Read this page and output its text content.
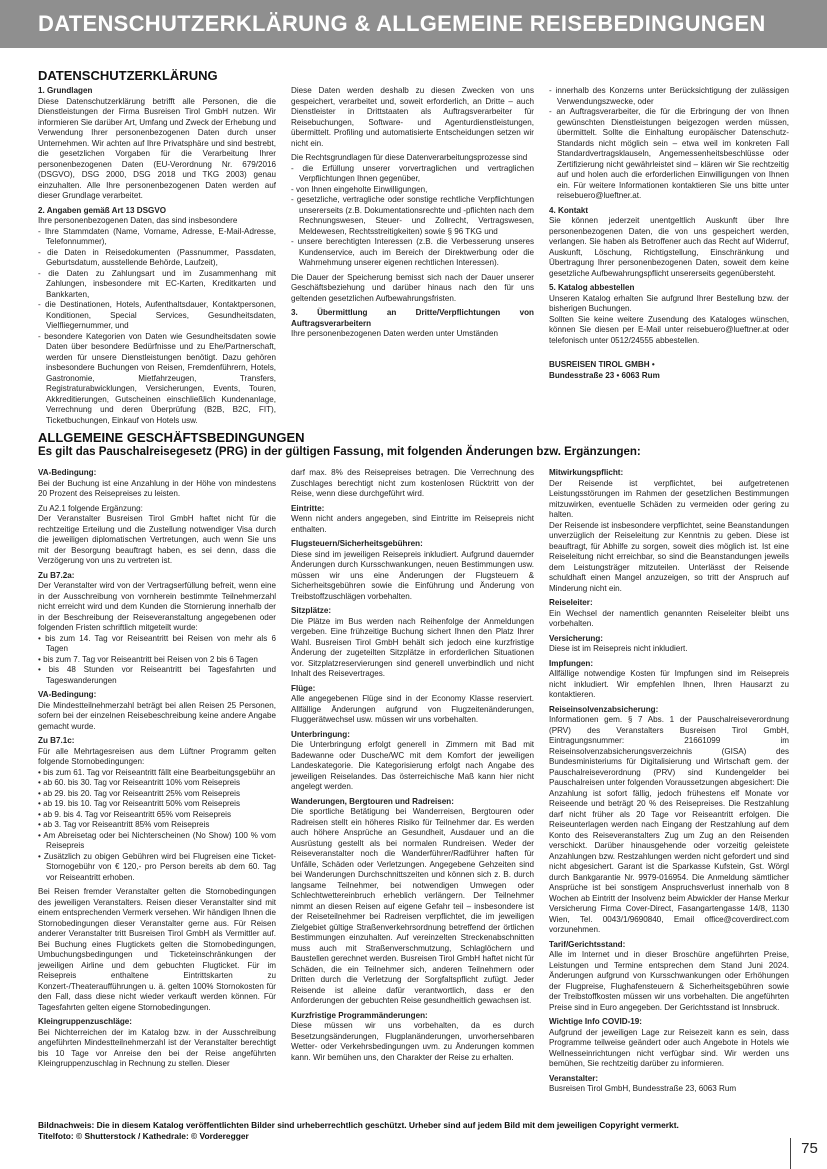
DATENSCHUTZERKLÄRUNG & ALLGEMEINE REISEBEDINGUNGEN
DATENSCHUTZERKLÄRUNG
1. Grundlagen

Diese Datenschutzerklärung betrifft alle Personen, die die Dienstleistungen der Firma Busreisen Tirol GmbH nutzen. Wir informieren Sie darüber Art, Umfang und Zweck der Erhebung und Verwendung Ihrer personenbezogenen Daten durch unser Unternehmen. Wir achten auf Ihre Privatsphäre und sind bestrebt, die gesetzlichen Vorgaben für die Verarbeitung Ihrer personenbezogenen Daten (EU-Verordnung Nr. 679/2016 (DSGVO), DSG 2000, DSG 2018 und TKG 2003) genau einzuhalten. Alle Ihre personenbezogenen Daten werden auf dieser Grundlage verarbeitet.

2. Angaben gemäß Art 13 DSGVO
Ihre personenbezogenen Daten, das sind insbesondere
- Ihre Stammdaten (Name, Vorname, Adresse, E-Mail-Adresse, Telefonnummer),
- die Daten in Reisedokumenten (Passnummer, Passdaten, Geburtsdatum, ausstellende Behörde, Laufzeit),
- die Daten zu Zahlungsart und im Zusammenhang mit Zahlungen, insbesondere mit EC-Karten, Kreditkarten und Bankkarten,
- die Destinationen, Hotels, Aufenthaltsdauer, Kontaktpersonen, Konditionen, Special Services, Gesundheitsdaten, Vielfliegernummer, und
- besondere Kategorien von Daten wie Gesundheitsdaten sowie Daten über besondere Bedürfnisse und zu Ehe/Partnerschaft, werden für unsere Dienstleistungen benötigt. Dazu gehören insbesondere Buchungen von Reisen, Fremdenführern, Hotels, Gastronomie, Mietfahrzeugen, Transfers, Registraturabwicklungen, Versicherungen, Events, Touren, Akkreditierungen, Gutscheinen einschließlich Kundenanlage, Verrechnung und deren Überprüfung (B2B, B2C, FIT), Ticketbuchungen, Einkauf von Hotels usw.

Diese Daten werden deshalb zu diesen Zwecken von uns gespeichert, verarbeitet und, soweit erforderlich, an Dritte – auch Dienstleister in Drittstaaten als Auftragsverarbeiter für Reisebuchungen, Software- und Agenturdienstleistungen, übermittelt. Profiling und automatisierte Entscheidungen setzen wir nicht ein.

Die Rechtsgrundlagen für diese Datenverarbeitungsprozesse sind
- die Erfüllung unserer vorvertraglichen und vertraglichen Verpflichtungen Ihnen gegenüber,
- von Ihnen eingeholte Einwilligungen,
- gesetzliche, vertragliche oder sonstige rechtliche Verpflichtungen unsererseits (z.B. Dokumentationsrechte und -pflichten nach dem Rechnungswesen, Steuer- und Zollrecht, Vertragswesen, Meldewesen, Rechtsstreitigkeiten) sowie § 96 TKG und
- unsere berechtigten Interessen (z.B. die Verbesserung unseres Kundenservice, auch im Bereich der Direktwerbung oder die Wahrnehmung unserer eigenen rechtlichen Interessen).

Die Dauer der Speicherung bemisst sich nach der Dauer unserer Geschäftsbeziehung und darüber hinaus nach den für uns geltenden gesetzlichen Aufbewahrungsfristen.

3. Übermittlung an Dritte/Verpflichtungen von Auftragsverarbeitern
Ihre personenbezogenen Daten werden unter Umständen
- innerhalb des Konzerns unter Berücksichtigung der zulässigen Verwendungszwecke, oder
- an Auftragsverarbeiter, die für die Erbringung der von Ihnen gewünschten Dienstleistungen beigezogen werden müssen, übermittelt. Sollte die Einhaltung europäischer Datenschutz-Standards nicht möglich sein – etwa weil im konkreten Fall Standardvertragsklauseln, Angemessenheitsbeschlüsse oder Zertifizierung nicht gewährleistet sind – klären wir Sie rechtzeitig auf und holen auch die erforderlichen Einwilligungen von Ihnen ein. Für weitere Informationen kontaktieren Sie uns bitte unter reisebuero@lueftner.at.
4. Kontakt

Sie können jederzeit unentgeltlich Auskunft über Ihre personenbezogenen Daten, die von uns gespeichert werden, verlangen. Sie haben als Betroffener auch das Recht auf Widerruf, Auskunft, Löschung, Richtigstellung, Einschränkung und Übertragung Ihrer personenbezogenen Daten, soweit dem keine gesetzliche Aufbewahrungspflicht unsererseits gegenübersteht.

5. Katalog abbestellen
Unseren Katalog erhalten Sie aufgrund Ihrer Bestellung bzw. der bisherigen Buchungen.

Sollten Sie keine weitere Zusendung des Kataloges wünschen, können Sie diesen per E-Mail unter reisebuero@lueftner.at oder telefonisch unter 0512/24555 abbestellen.

BUSREISEN TIROL GMBH •
Bundesstraße 23 • 6063 Rum
ALLGEMEINE GESCHÄFTSBEDINGUNGEN
Es gilt das Pauschalreisegesetz (PRG) in der gültigen Fassung, mit folgenden Änderungen bzw. Ergänzungen:
VA-Bedingung:

Bei der Buchung ist eine Anzahlung in der Höhe von mindestens 20 Prozent des Reisepreises zu leisten.

Zu A2.1 folgende Ergänzung:

Der Veranstalter Busreisen Tirol GmbH haftet nicht für die rechtzeitige Erteilung und die Zustellung notwendiger Visa durch die jeweiligen diplomatischen Vertretungen, auch wenn Sie uns mit der Besorgung beauftragt haben, es sei denn, dass die Verzögerung von uns zu vertreten ist.

Zu B7.2a:
Der Veranstalter wird von der Vertragserfüllung befreit, wenn eine in der Ausschreibung von vornherein bestimmte Teilnehmerzahl nicht erreicht wird und dem Kunden die Stornierung innerhalb der in der Beschreibung der Reiseveranstaltung angegebenen oder folgenden Fristen schriftlich mitgeteilt wurde:
• bis zum 14. Tag vor Reiseantritt bei Reisen von mehr als 6 Tagen
• bis zum 7. Tag vor Reiseantritt bei Reisen von 2 bis 6 Tagen
• bis 48 Stunden vor Reiseantritt bei Tagesfahrten und Tageswanderungen
VA-Bedingung:

Die Mindestteilnehmerzahl beträgt bei allen Reisen 25 Personen, sofern bei der einzelnen Reisebeschreibung keine andere Angabe gemacht wurde.

Zu B7.1c:
Für alle Mehrtagesreisen aus dem Lüftner Programm gelten folgende Stornobedingungen:
• bis zum 61. Tag vor Reiseantritt fällt eine Bearbeitungsgebühr an
• ab 60. bis 30. Tag vor Reiseantritt 10% vom Reisepreis
• ab 29. bis 20. Tag vor Reiseantritt 25% vom Reisepreis
• ab 19. bis 10. Tag vor Reiseantritt 50% vom Reisepreis
• ab 9. bis 4. Tag vor Reiseantritt 65% vom Reisepreis
• ab 3. Tag vor Reiseantritt 85% vom Reisepreis
• Am Abreisetag oder bei Nichterscheinen (No Show) 100 % vom Reisepreis
• Zusätzlich zu obigen Gebühren wird bei Flugreisen eine Ticket-Stornogebühr von € 120,- pro Person bereits ab dem 60. Tag vor Reiseantritt erhoben.

Bei Reisen fremder Veranstalter gelten die Stornobedingungen des jeweiligen Veranstalters. Reisen dieser Veranstalter sind mit einem entsprechenden Vermerk versehen. Wir händigen Ihnen die Stornobedingungen dieser Veranstalter gerne aus. Für Reisen anderer Veranstalter tritt Busreisen Tirol GmbH als Vermittler auf. Bei Buchung eines Flugtickets gelten die Stornobedingungen, Umbuchungsbedingungen und Ticketeinschränkungen der jeweiligen Airline und dem gebuchten Flugticket. Für im Reisepreis enthaltene Eintrittskarten zu Konzert-/Theateraufführungen u. ä. gelten 100% Stornokosten für den Fall, dass diese nicht wieder verkauft werden können. Für Tagesfahrten gelten eigene Stornobedingungen.

Kleingruppenzuschläge:
Bei Nichterreichen der im Katalog bzw. in der Ausschreibung angeführten Mindestteilnehmerzahl ist der Veranstalter berechtigt bis 10 Tage vor Anreise den bei der Reise angeführten Kleingruppenzuschlag in Rechnung zu stellen. Dieser

darf max. 8% des Reisepreises betragen. Die Verrechnung des Zuschlages berechtigt nicht zum kostenlosen Rücktritt von der Reise, wenn diese durchgeführt wird.

Eintritte:

Wenn nicht anders angegeben, sind Eintritte im Reisepreis nicht enthalten.

Flugsteuern/Sicherheitsgebühren:

Diese sind im jeweiligen Reisepreis inkludiert. Aufgrund dauernder Änderungen durch Kursschwankungen, neuen Bestimmungen usw. müssen wir uns eine Änderungen der Flugsteuern & Sicherheitsgebühren sowie die Einführung und Änderung von Treibstoffzuschlägen vorbehalten.

Sitzplätze:

Die Plätze im Bus werden nach Reihenfolge der Anmeldungen vergeben. Eine frühzeitige Buchung sichert Ihnen den Platz Ihrer Wahl. Busreisen Tirol GmbH behält sich jedoch eine kurzfristige Änderung der zugeteilten Sitzplätze in erforderlichen Situationen vor. Sitzplatzreservierungen sind generell unverbindlich und nicht Inhalt des Reisevertrages.

Flüge:

Alle angegebenen Flüge sind in der Economy Klasse reserviert. Allfällige Änderungen aufgrund von Flugzeitenänderungen, Fluggerätwechsel usw. müssen wir uns vorbehalten.

Unterbringung:

Die Unterbringung erfolgt generell in Zimmern mit Bad mit Badewanne oder Dusche/WC mit dem Komfort der jeweiligen Landeskategorie. Die Kategorisierung erfolgt nach Angabe des jeweiligen Reiselandes. Das österreichische Maß kann hier nicht angelegt werden.

Wanderungen, Bergtouren und Radreisen:

Die sportliche Betätigung bei Wanderreisen, Bergtouren oder Radreisen stellt ein höheres Risiko für Teilnehmer dar. Es werden auch höhere Ansprüche an Gesundheit, Ausdauer und an die Ausrüstung gestellt als bei normalen Rundreisen. Weder der Reiseveranstalter noch die Wanderführer/Radführer haften für Unfälle, Schäden oder Verletzungen. Angegebene Gehzeiten sind bei Wanderungen Durchschnittszeiten und können sich z. B. durch langsame Teilnehmer, bei notwendigen Umwegen oder Schlechtwettereinbruch erheblich verlängern. Der Teilnehmer nimmt an diesen Reisen auf eigene Gefahr teil – insbesondere ist der Reiseteilnehmer bei Radreisen verpflichtet, die im jeweiligen Zielgebiet gültige Straßenverkehrsordnung betreffend der örtlichen Bestimmungen einzuhalten. Auf vereinzelten Streckenabschnitten muss auch mit Straßenverschmutzung, Schlaglöchern und Baustellen gerechnet werden. Busreisen Tirol GmbH haftet nicht für Schäden, die ein Teilnehmer sich, anderen Teilnehmern oder Dritten durch die Verletzung der Sorgfaltspflicht zufügt. Jeder Reisende ist alleine dafür verantwortlich, dass er den Anforderungen der gebuchten Reise gesundheitlich gewachsen ist.

Kurzfristige Programmänderungen:

Diese müssen wir uns vorbehalten, da es durch Besetzungsänderungen, Flugplanänderungen, unvorhersehbaren Wetter- oder Verkehrsbedingungen uvm. zu Änderungen kommen kann. Wir bemühen uns, den Charakter der Reise zu erhalten.

Mitwirkungspflicht:
Der Reisende ist verpflichtet, bei aufgetretenen Leistungsstörungen im Rahmen der gesetzlichen Bestimmungen mitzuwirken, eventuelle Schäden zu vermeiden oder gering zu halten.

Der Reisende ist insbesondere verpflichtet, seine Beanstandungen unverzüglich der Reiseleitung zur Kenntnis zu geben. Diese ist beauftragt, für Abhilfe zu sorgen, soweit dies möglich ist. Ist eine Reiseleitung nicht erreichbar, so sind die Beanstandungen jeweils dem Leistungsträger mitzuteilen. Unterlässt der Reisende schuldhaft einen Mangel anzuzeigen, so tritt der Anspruch auf Minderung nicht ein.

Reiseleiter:

Ein Wechsel der namentlich genannten Reiseleiter bleibt uns vorbehalten.

Versicherung:

Diese ist im Reisepreis nicht inkludiert.

Impfungen:

Allfällige notwendige Kosten für Impfungen sind im Reisepreis nicht inkludiert. Wir empfehlen Ihnen, Ihren Hausarzt zu kontaktieren.

Reiseinsolvenzabsicherung:

Informationen gem. § 7 Abs. 1 der Pauschalreiseverordnung (PRV) des Veranstalters Busreisen Tirol GmbH, Eintragungsnummer: 21661099 im Reiseinsolvenzabsicherungsverzeichnis (GISA) des Bundesministeriums für Digitalisierung und Wirtschaft gem. der Pauschalreiseverordnung (PRV) sind Kundengelder bei Pauschalreisen unter folgenden Voraussetzungen abgesichert: Die Anzahlung ist sofort fällig, jedoch frühestens elf Monate vor Reiseende und beträgt 20 % des Reisepreises. Die Restzahlung darf nicht früher als 20 Tage vor Reiseantritt erfolgen. Die Reiseunterlagen werden nach Eingang der Restzahlung auf dem Konto des Reiseveranstalters Zug um Zug an den Reisenden verschickt. Darüber hinausgehende oder vorzeitig geleistete Anzahlungen bzw. Restzahlungen werden nicht gefordert und sind nicht abgesichert. Garant ist die Sparkasse Kufstein, Gst. Wörgl durch Bankgarantie Nr. 9979-016954. Die Anmeldung sämtlicher Ansprüche ist bei sonstigem Anspruchsverlust innerhalb von 8 Wochen ab Eintritt der Insolvenz beim Abwickler der Hanse Merkur Versicherung Firma Cover-Direct, Fasangartengasse 14/8, 1130 Wien, Tel. 0043/1/9690840, Email office@coverdirect.com vorzunehmen.

Tarif/Gerichtsstand:

Alle im Internet und in dieser Broschüre angeführten Preise, Leistungen und Termine entsprechen dem Stand Juni 2024. Änderungen aufgrund von Kursschwankungen oder Erhöhungen der Flugpreise, Flughafensteuern & Sicherheitsgebühren sowie der Treibstoffkosten müssen wir uns vorbehalten. Die angeführten Preise sind in Euro angegeben. Der Gerichtsstand ist Innsbruck.

Wichtige Info COVID-19:

Aufgrund der jeweiligen Lage zur Reisezeit kann es sein, dass Programme teilweise geändert oder auch Angebote in Hotels wie Wellnesseinrichtungen nicht verfügbar sind. Wir werden uns bemühen, Sie rechtzeitig darüber zu informieren.

Veranstalter:

Busreisen Tirol GmbH, Bundesstraße 23, 6063 Rum

Bildnachweis: Die in diesem Katalog veröffentlichten Bilder sind urheberrechtlich geschützt. Urheber sind auf jedem Bild mit dem jeweiligen Copyright vermerkt.
Titelfoto: © Shutterstock / Kathedrale: © Vorderegger
75
